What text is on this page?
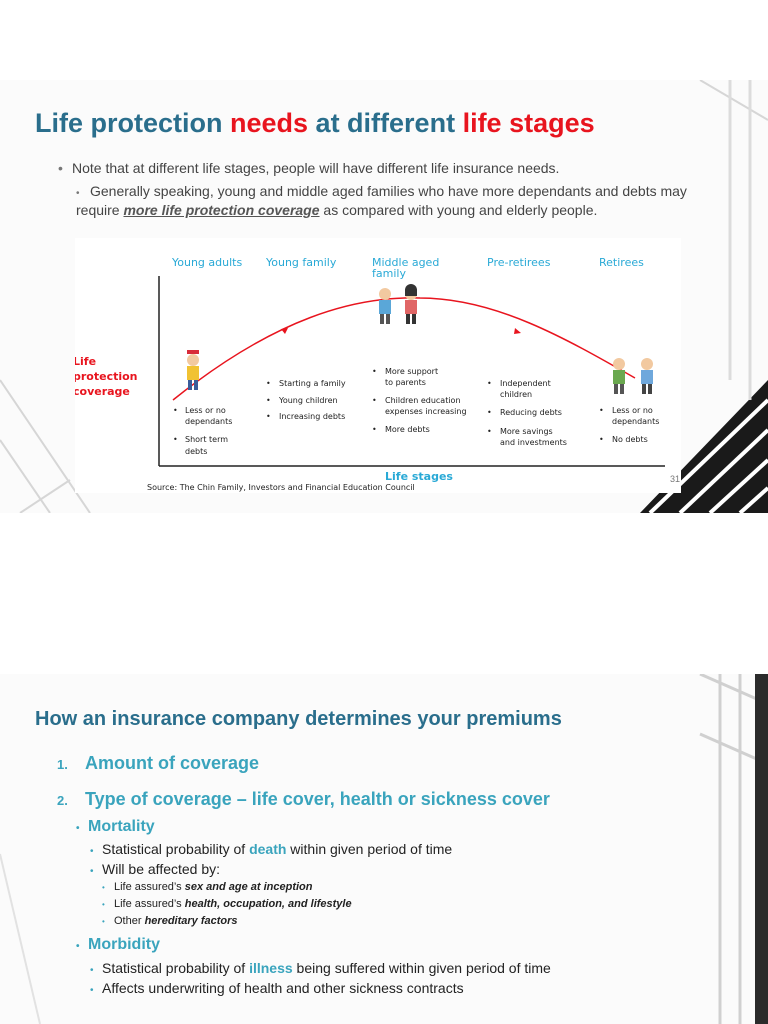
Life protection needs at different life stages
• Note that at different life stages, people will have different life insurance needs.
• Generally speaking, young and middle aged families who have more dependants and debts may require more life protection coverage as compared with young and elderly people.
Young adults Young family	Middle aged
family
Pre-retirees	Retirees
Life
protection
coverage
• Less or no
dependants
• Short term
debts
• Starting a family
• Young children
• Increasing debts
• More support
to parents
• Children education
expenses increasing
• More debts
• Independent
children
• Reducing debts
• More savings
and investments
• Less or no
dependants
• No debts
Life stages
Source: The Chin Family, Investors and Financial Education Council
31
How an insurance company determines your premiums
1. Amount of coverage
2. Type of coverage – life cover, health or sickness cover
• Mortality
• Statistical probability of death within given period of time
• Will be affected by:
• Life assured’s sex and age at inception
• Life assured’s health, occupation, and lifestyle
• Other hereditary factors
• Morbidity
• Statistical probability of illness being suffered within given period of time
• Affects underwriting of health and other sickness contracts
